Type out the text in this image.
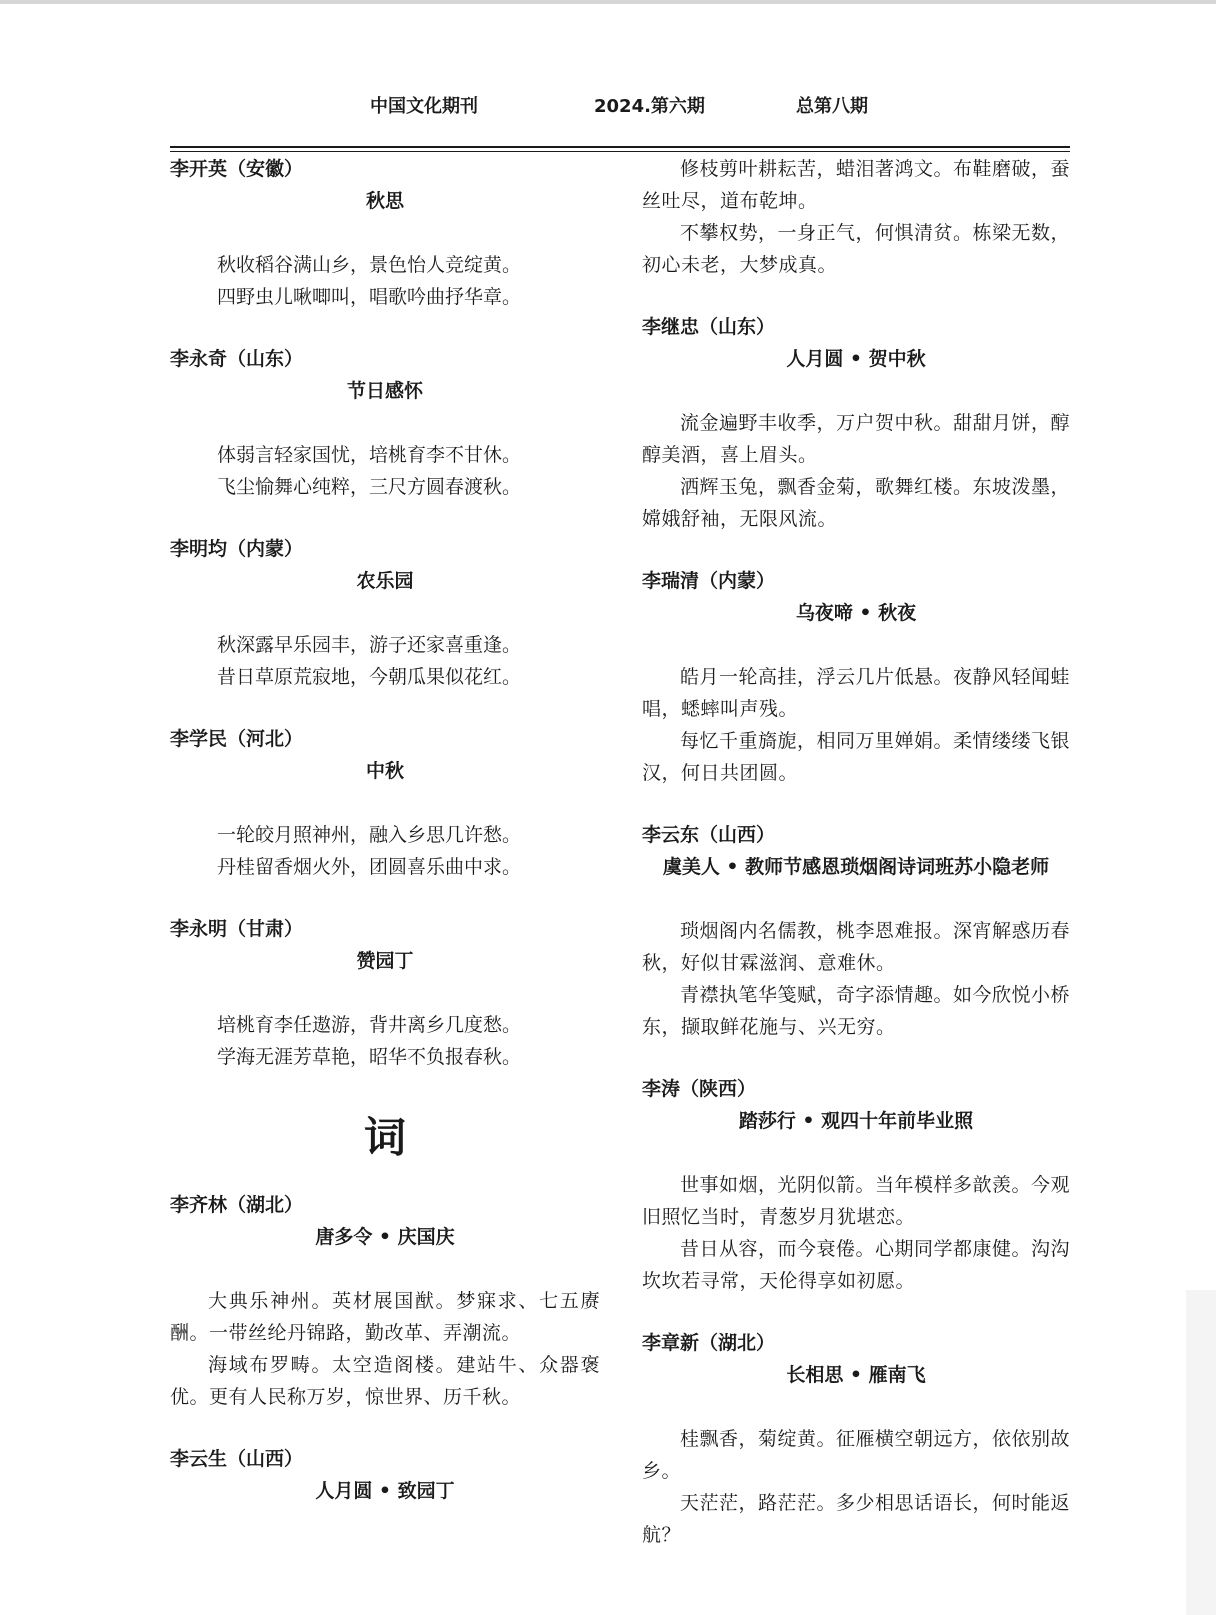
中国文化期刊	2024.第六期	总第八期
李开英（安徽）
秋思
秋收稻谷满山乡，景色怡人竞绽黄。
四野虫儿啾唧叫，唱歌吟曲抒华章。
李永奇（山东）
节日感怀
体弱言轻家国忧，培桃育李不甘休。
飞尘愉舞心纯粹，三尺方圆春渡秋。
李明均（内蒙）
农乐园
秋深露早乐园丰，游子还家喜重逢。
昔日草原荒寂地，今朝瓜果似花红。
李学民（河北）
中秋
一轮皎月照神州，融入乡思几许愁。
丹桂留香烟火外，团圆喜乐曲中求。
李永明（甘肃）
赞园丁
培桃育李任遨游，背井离乡几度愁。
学海无涯芳草艳，昭华不负报春秋。
词
李齐林（湖北）
唐多令 • 庆国庆
大典乐神州。英材展国猷。梦寐求、七五赓酬。一带丝纶丹锦路，勤改革、弄潮流。
海域布罗畴。太空造阁楼。建站牛、众器褒优。更有人民称万岁，惊世界、历千秋。
李云生（山西）
人月圆 • 致园丁
修枝剪叶耕耘苦，蜡泪著鸿文。布鞋磨破，蚕丝吐尽，道布乾坤。
不攀权势，一身正气，何惧清贫。栋梁无数，初心未老，大梦成真。
李继忠（山东）
人月圆 • 贺中秋
流金遍野丰收季，万户贺中秋。甜甜月饼，醇醇美酒，喜上眉头。
洒辉玉兔，飘香金菊，歌舞红楼。东坡泼墨，嫦娥舒袖，无限风流。
李瑞清（内蒙）
乌夜啼 • 秋夜
皓月一轮高挂，浮云几片低悬。夜静风轻闻蛙唱，蟋蟀叫声残。
每忆千重旖旎，相同万里婵娟。柔情缕缕飞银汉，何日共团圆。
李云东（山西）
虞美人 • 教师节感恩琐烟阁诗词班苏小隐老师
琐烟阁内名儒教，桃李恩难报。深宵解惑历春秋，好似甘霖滋润、意难休。
青襟执笔华笺赋，奇字添情趣。如今欣悦小桥东，撷取鲜花施与、兴无穷。
李涛（陕西）
踏莎行 • 观四十年前毕业照
世事如烟，光阴似箭。当年模样多歆羡。今观旧照忆当时，青葱岁月犹堪恋。
昔日从容，而今衰倦。心期同学都康健。沟沟坎坎若寻常，天伦得享如初愿。
李章新（湖北）
长相思 • 雁南飞
桂飘香，菊绽黄。征雁横空朝远方，依依别故乡。
天茫茫，路茫茫。多少相思话语长，何时能返航？
